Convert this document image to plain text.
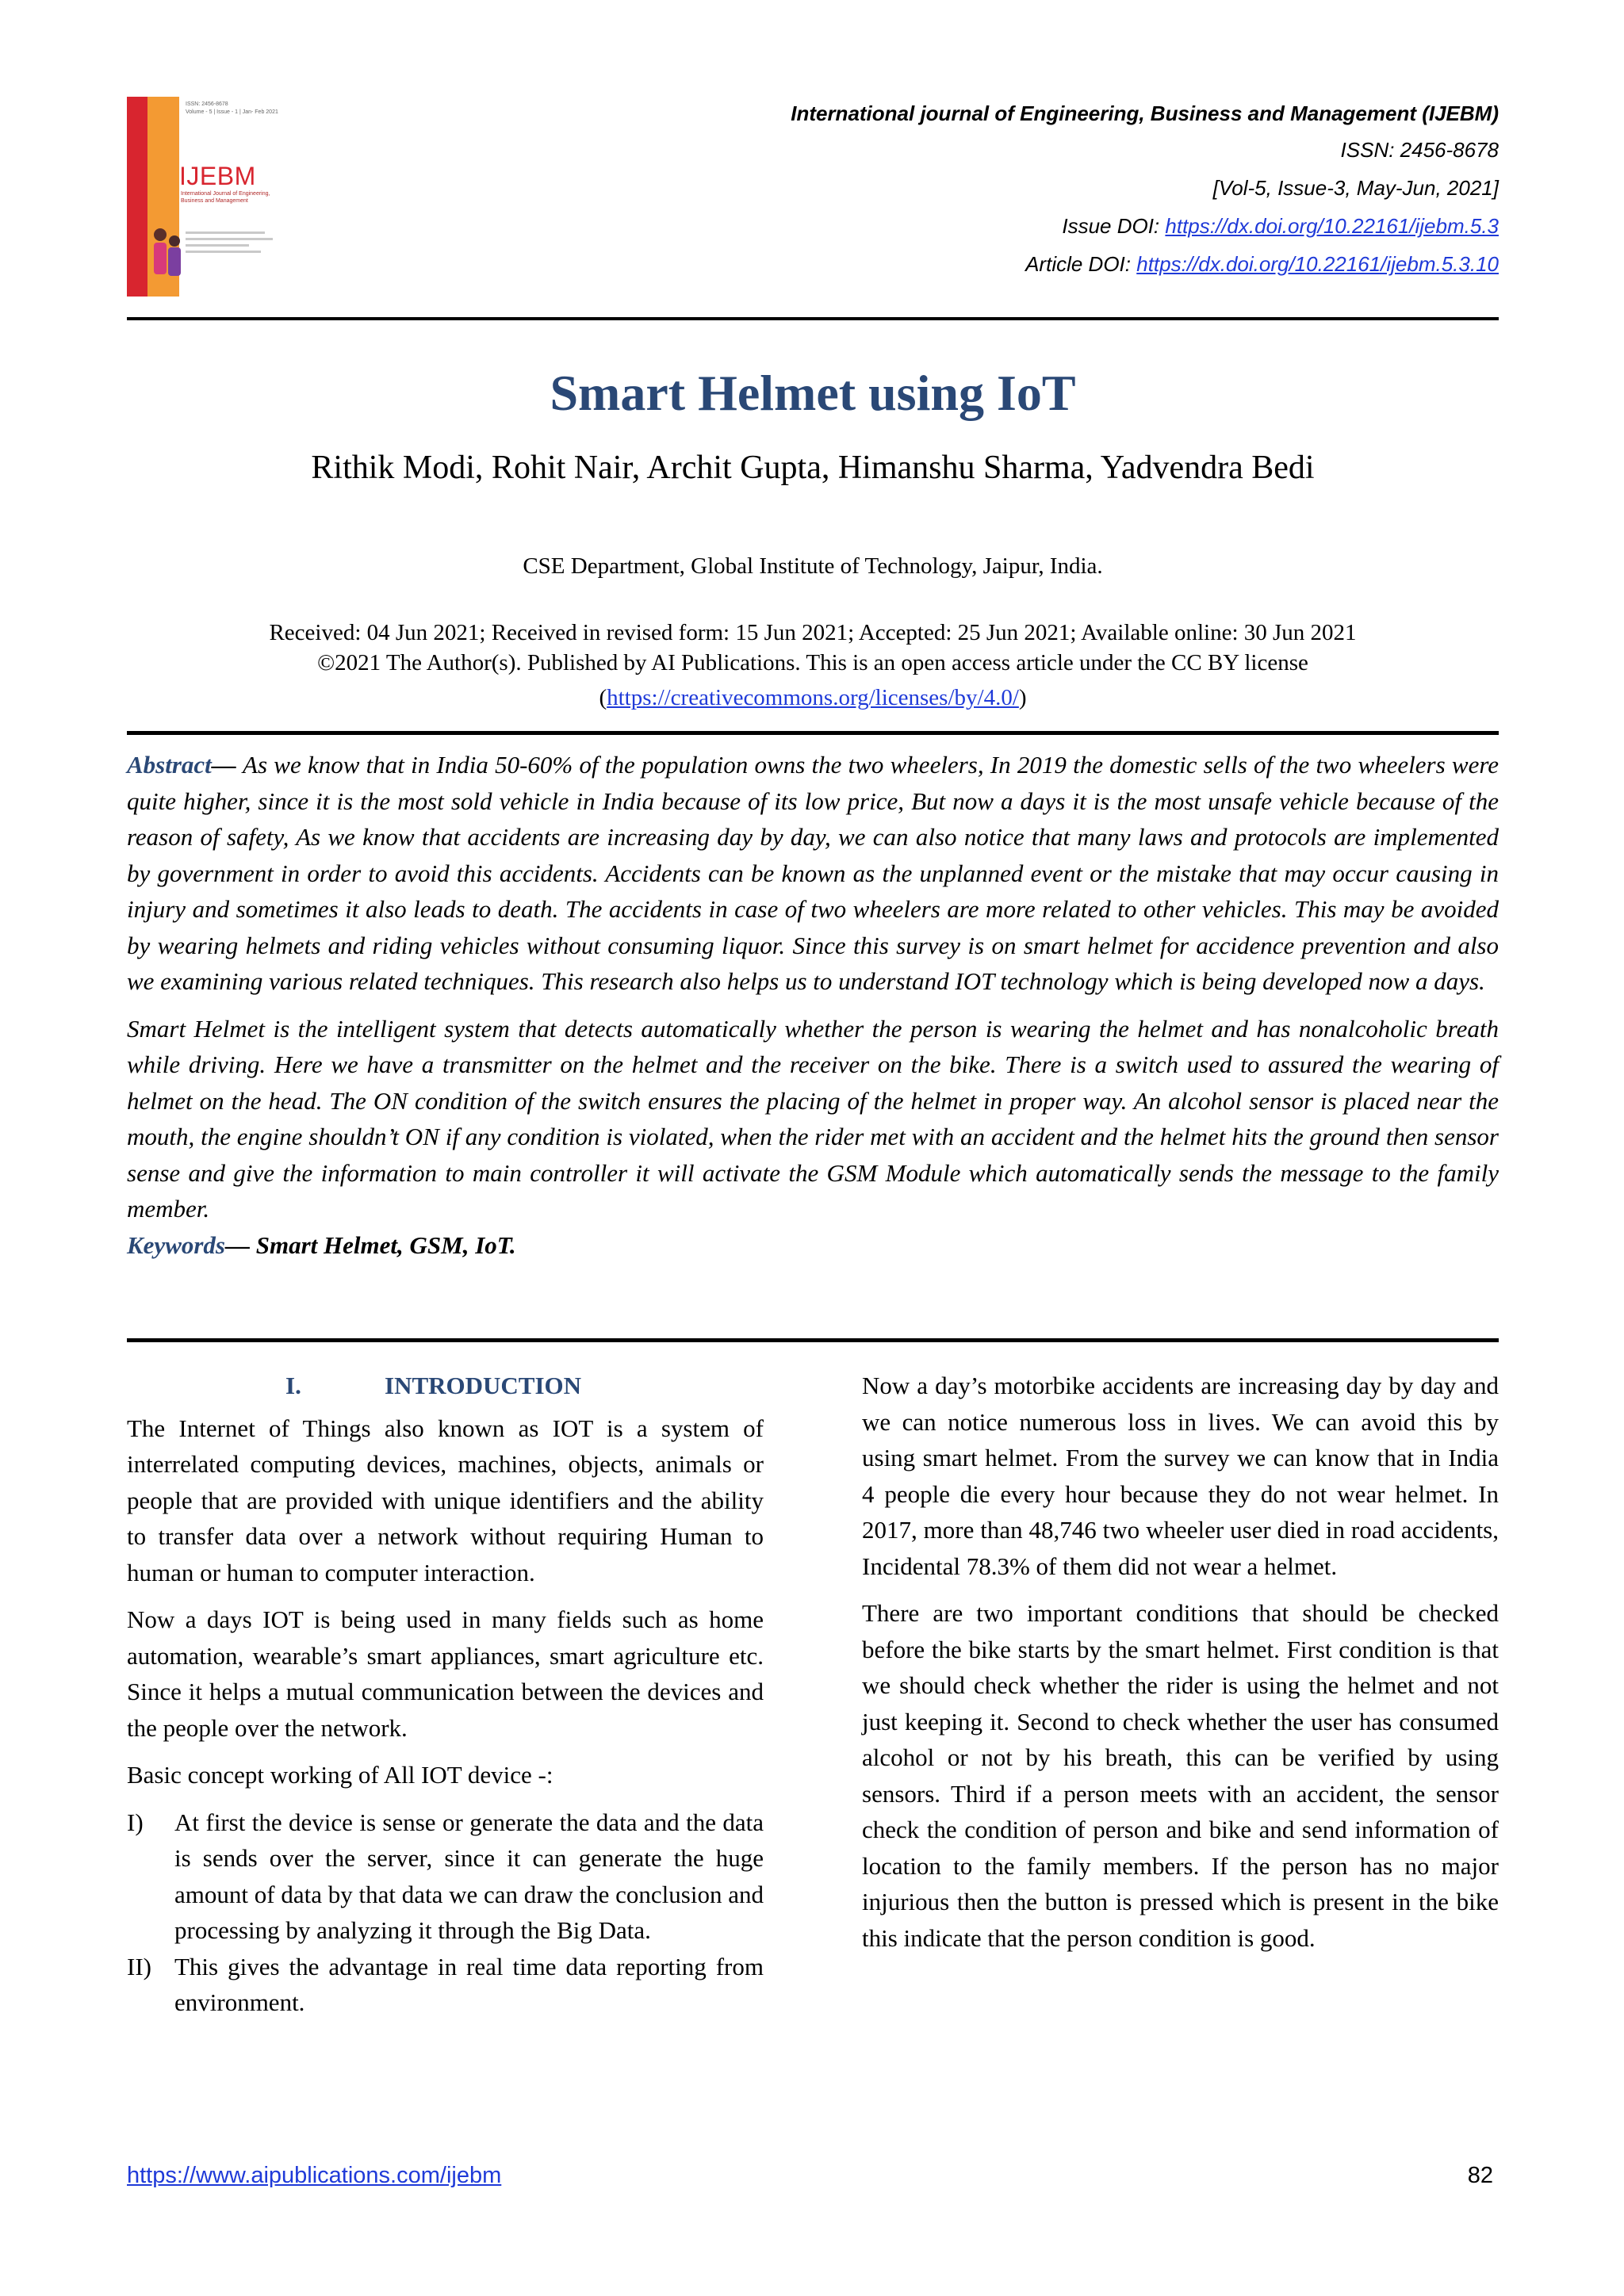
ISSN: 2456-8678
Volume - 5 | Issue - 1 | Jan- Feb 2021
IJEBM
International Journal of Engineering, Business and Management
International journal of Engineering, Business and Management (IJEBM)
ISSN: 2456-8678
[Vol-5, Issue-3, May-Jun, 2021]
Issue DOI: https://dx.doi.org/10.22161/ijebm.5.3
Article DOI: https://dx.doi.org/10.22161/ijebm.5.3.10
Smart Helmet using IoT
Rithik Modi, Rohit Nair, Archit Gupta, Himanshu Sharma, Yadvendra Bedi
CSE Department, Global Institute of Technology, Jaipur, India.
Received: 04 Jun 2021; Received in revised form: 15 Jun 2021; Accepted: 25 Jun 2021; Available online: 30 Jun 2021
©2021 The Author(s). Published by AI Publications. This is an open access article under the CC BY license
(https://creativecommons.org/licenses/by/4.0/)

Abstract— As we know that in India 50-60% of the population owns the two wheelers, In 2019 the domestic sells of the two wheelers were quite higher, since it is the most sold vehicle in India because of its low price, But now a days it is the most unsafe vehicle because of the reason of safety, As we know that accidents are increasing day by day, we can also notice that many laws and protocols are implemented by government in order to avoid this accidents. Accidents can be known as the unplanned event or the mistake that may occur causing in injury and sometimes it also leads to death. The accidents in case of two wheelers are more related to other vehicles. This may be avoided by wearing helmets and riding vehicles without consuming liquor. Since this survey is on smart helmet for accidence prevention and also we examining various related techniques. This research also helps us to understand IOT technology which is being developed now a days.

Smart Helmet is the intelligent system that detects automatically whether the person is wearing the helmet and has nonalcoholic breath while driving. Here we have a transmitter on the helmet and the receiver on the bike. There is a switch used to assured the wearing of helmet on the head. The ON condition of the switch ensures the placing of the helmet in proper way. An alcohol sensor is placed near the mouth, the engine shouldn’t ON if any condition is violated, when the rider met with an accident and the helmet hits the ground then sensor sense and give the information to main controller it will activate the GSM Module which automatically sends the message to the family member.

Keywords— Smart Helmet, GSM, IoT.

I.	INTRODUCTION

The Internet of Things also known as IOT is a system of interrelated computing devices, machines, objects, animals or people that are provided with unique identifiers and the ability to transfer data over a network without requiring Human to human or human to computer interaction.

Now a days IOT is being used in many fields such as home automation, wearable’s smart appliances, smart agriculture etc. Since it helps a mutual communication between the devices and the people over the network.

Basic concept working of All IOT device -:

I)	At first the device is sense or generate the data and the data is sends over the server, since it can generate the huge amount of data by that data we can draw the conclusion and processing by analyzing it through the Big Data.
II) This gives the advantage in real time data reporting from environment.

Now a day’s motorbike accidents are increasing day by day and we can notice numerous loss in lives. We can avoid this by using smart helmet. From the survey we can know that in India 4 people die every hour because they do not wear helmet. In 2017, more than 48,746 two wheeler user died in road accidents, Incidental 78.3% of them did not wear a helmet.

There are two important conditions that should be checked before the bike starts by the smart helmet. First condition is that we should check whether the rider is using the helmet and not just keeping it. Second to check whether the user has consumed alcohol or not by his breath, this can be verified by using sensors. Third if a person meets with an accident, the sensor check the condition of person and bike and send information of location to the family members. If the person has no major injurious then the button is pressed which is present in the bike this indicate that the person condition is good.

https://www.aipublications.com/ijebm	82
